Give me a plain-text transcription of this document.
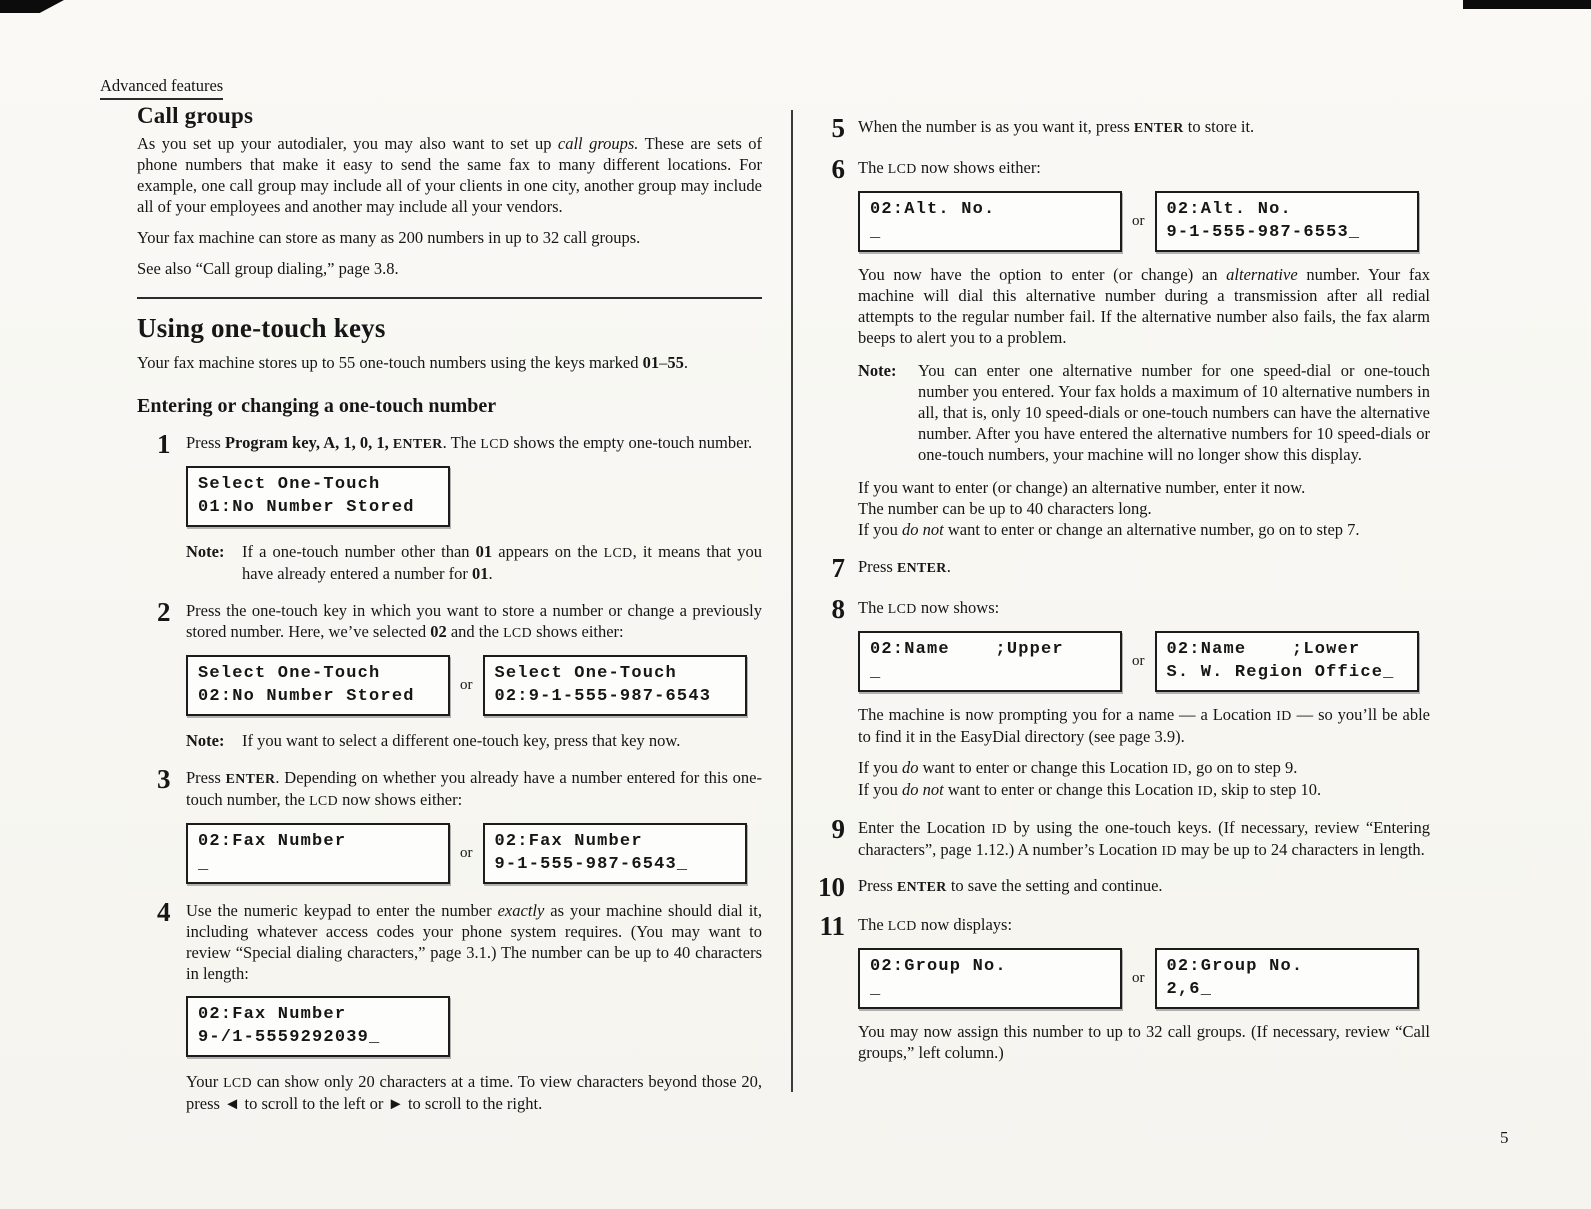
Advanced features
Call groups

As you set up your autodialer, you may also want to set up call groups. These are sets of phone numbers that make it easy to send the same fax to many different locations. For example, one call group may include all of your clients in one city, another group may include all of your employees and another may include all your vendors.

Your fax machine can store as many as 200 numbers in up to 32 call groups.

See also “Call group dialing,” page 3.8.

Using one-touch keys

Your fax machine stores up to 55 one-touch numbers using the keys marked 01–55.

Entering or changing a one-touch number
1 Press Program key, A, 1, 0, 1, ENTER. The LCD shows the empty one-touch number.

Select One-Touch
01:No Number Stored
Note:	If a one-touch number other than 01 appears on the LCD, it means that you have already entered a number for 01.

2 Press the one-touch key in which you want to store a number or change a previously stored number. Here, we’ve selected 02 and the LCD shows either:

Select One-Touch
02:No Number Stored
or
Select One-Touch
02:9-1-555-987-6543
Note:	If you want to select a different one-touch key, press that key now.

3 Press ENTER. Depending on whether you already have a number entered for this one-touch number, the LCD now shows either:

02:Fax Number
_
or
02:Fax Number
9-1-555-987-6543_
4 Use the numeric keypad to enter the number exactly as your machine should dial it, including whatever access codes your phone system requires. (You may want to review “Special dialing characters,” page 3.1.) The number can be up to 40 characters in length:

02:Fax Number
9-/1-5559292039_

Your LCD can show only 20 characters at a time. To view characters beyond those 20, press ◄ to scroll to the left or ► to scroll to the right.

5 When the number is as you want it, press ENTER to store it.

6 The LCD now shows either:

02:Alt. No.
_
or
02:Alt. No.
9-1-555-987-6553_

You now have the option to enter (or change) an alternative number. Your fax machine will dial this alternative number during a transmission after all redial attempts to the regular number fail. If the alternative number also fails, the fax alarm beeps to alert you to a problem.

Note:	You can enter one alternative number for one speed-dial or one-touch number you entered. Your fax holds a maximum of 10 alternative numbers in all, that is, only 10 speed-dials or one-touch numbers can have the alternative number. After you have entered the alternative numbers for 10 speed-dials or one-touch numbers, your machine will no longer show this display.

If you want to enter (or change) an alternative number, enter it now.

The number can be up to 40 characters long.

If you do not want to enter or change an alternative number, go on to step 7.

7 Press ENTER.

8 The LCD now shows:

02:Name    ;Upper
_
or
02:Name    ;Lower
S. W. Region Office_

The machine is now prompting you for a name — a Location ID — so you’ll be able to find it in the EasyDial directory (see page 3.9).

If you do want to enter or change this Location ID, go on to step 9.

If you do not want to enter or change this Location ID, skip to step 10.

9 Enter the Location ID by using the one-touch keys. (If necessary, review “Entering characters”, page 1.12.) A number’s Location ID may be up to 24 characters in length.

10 Press ENTER to save the setting and continue.

11 The LCD now displays:

02:Group No.
_
or
02:Group No.
2,6_

You may now assign this number to up to 32 call groups. (If necessary, review “Call groups,” left column.)

5
